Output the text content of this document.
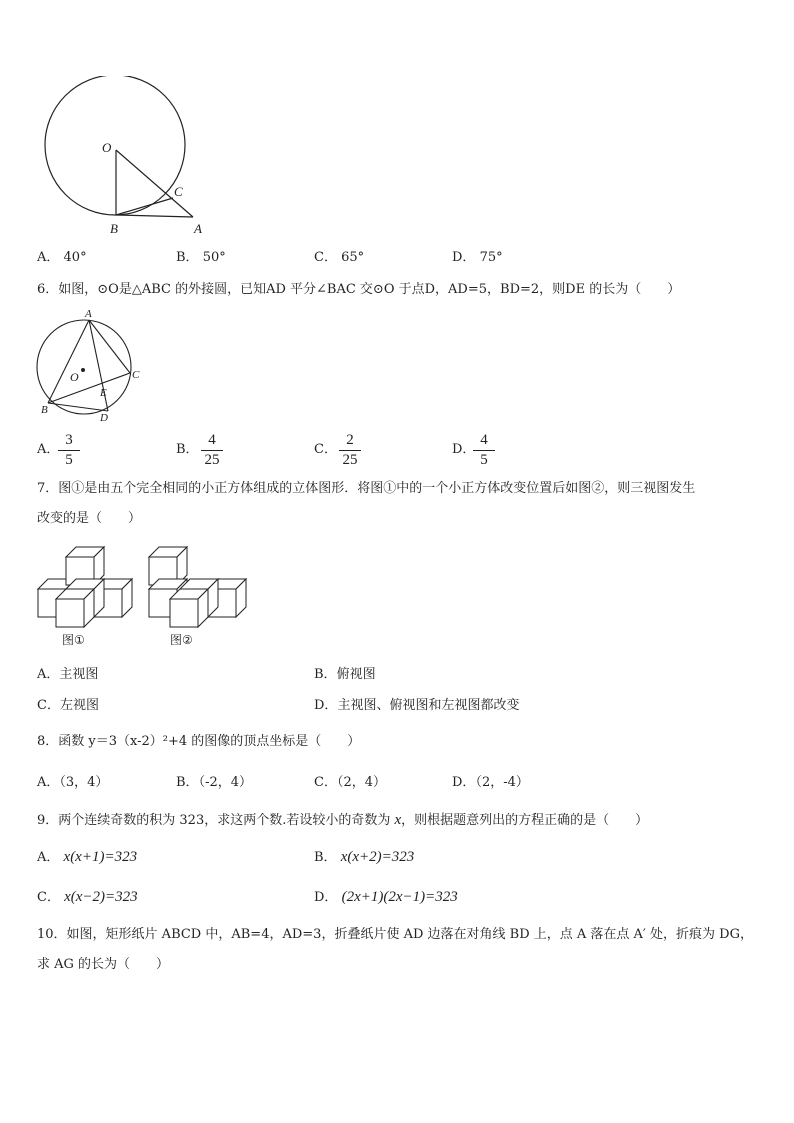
O
B
C
A
A． 40°	B． 50°	C． 65°	D． 75°
6．如图，⊙O是△ABC 的外接圆，已知AD 平分∠BAC 交⊙O 于点D，AD=5，BD=2，则DE 的长为（　　）
A
O	C
E
B
D
A．
3
5
B．
4
25
C．
2
25
D．
4
5
7．图①是由五个完全相同的小正方体组成的立体图形．将图①中的一个小正方体改变位置后如图②，则三视图发生
改变的是（　　）
图①	图②
A．主视图	B．俯视图
C．左视图	D．主视图、俯视图和左视图都改变
8．函数 y＝3（x-2）²+4 的图像的顶点坐标是（　　）
A．（3，4）	B．（-2，4）	C．（2，4）	D．（2，-4）
9．两个连续奇数的积为 323，求这两个数.若设较小的奇数为 x，则根据题意列出的方程正确的是（　　）
A． x(x+1)=323	B． x(x+2)=323
C． x(x−2)=323	D． (2x+1)(2x−1)=323
10．如图，矩形纸片 ABCD 中，AB=4，AD=3，折叠纸片使 AD 边落在对角线 BD 上，点 A 落在点 A′ 处，折痕为 DG，
求 AG 的长为（　　）
